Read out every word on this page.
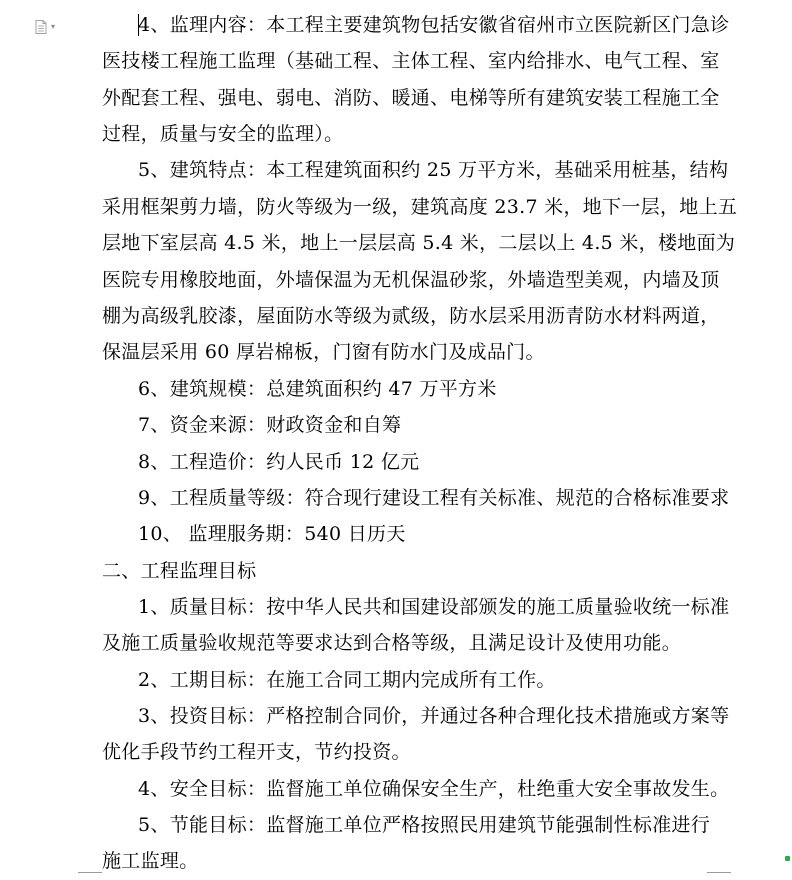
▾	4、监理内容：本工程主要建筑物包括安徽省宿州市立医院新区门急诊
医技楼工程施工监理（基础工程、主体工程、室内给排水、电气工程、室
外配套工程、强电、弱电、消防、暖通、电梯等所有建筑安装工程施工全
过程，质量与安全的监理）。
5、建筑特点：本工程建筑面积约 25 万平方米，基础采用桩基，结构
采用框架剪力墙，防火等级为一级，建筑高度 23.7 米，地下一层，地上五
层地下室层高 4.5 米，地上一层层高 5.4 米，二层以上 4.5 米，楼地面为
医院专用橡胶地面，外墙保温为无机保温砂浆，外墙造型美观，内墙及顶
棚为高级乳胶漆，屋面防水等级为贰级，防水层采用沥青防水材料两道，
保温层采用 60 厚岩棉板，门窗有防水门及成品门。
6、建筑规模：总建筑面积约 47 万平方米
7、资金来源：财政资金和自筹
8、工程造价：约人民币 12 亿元
9、工程质量等级：符合现行建设工程有关标准、规范的合格标准要求
10、 监理服务期：540 日历天
二、工程监理目标
1、质量目标：按中华人民共和国建设部颁发的施工质量验收统一标准
及施工质量验收规范等要求达到合格等级，且满足设计及使用功能。
2、工期目标：在施工合同工期内完成所有工作。
3、投资目标：严格控制合同价，并通过各种合理化技术措施或方案等
优化手段节约工程开支，节约投资。
4、安全目标：监督施工单位确保安全生产，杜绝重大安全事故发生。
5、节能目标：监督施工单位严格按照民用建筑节能强制性标准进行
施工监理。
